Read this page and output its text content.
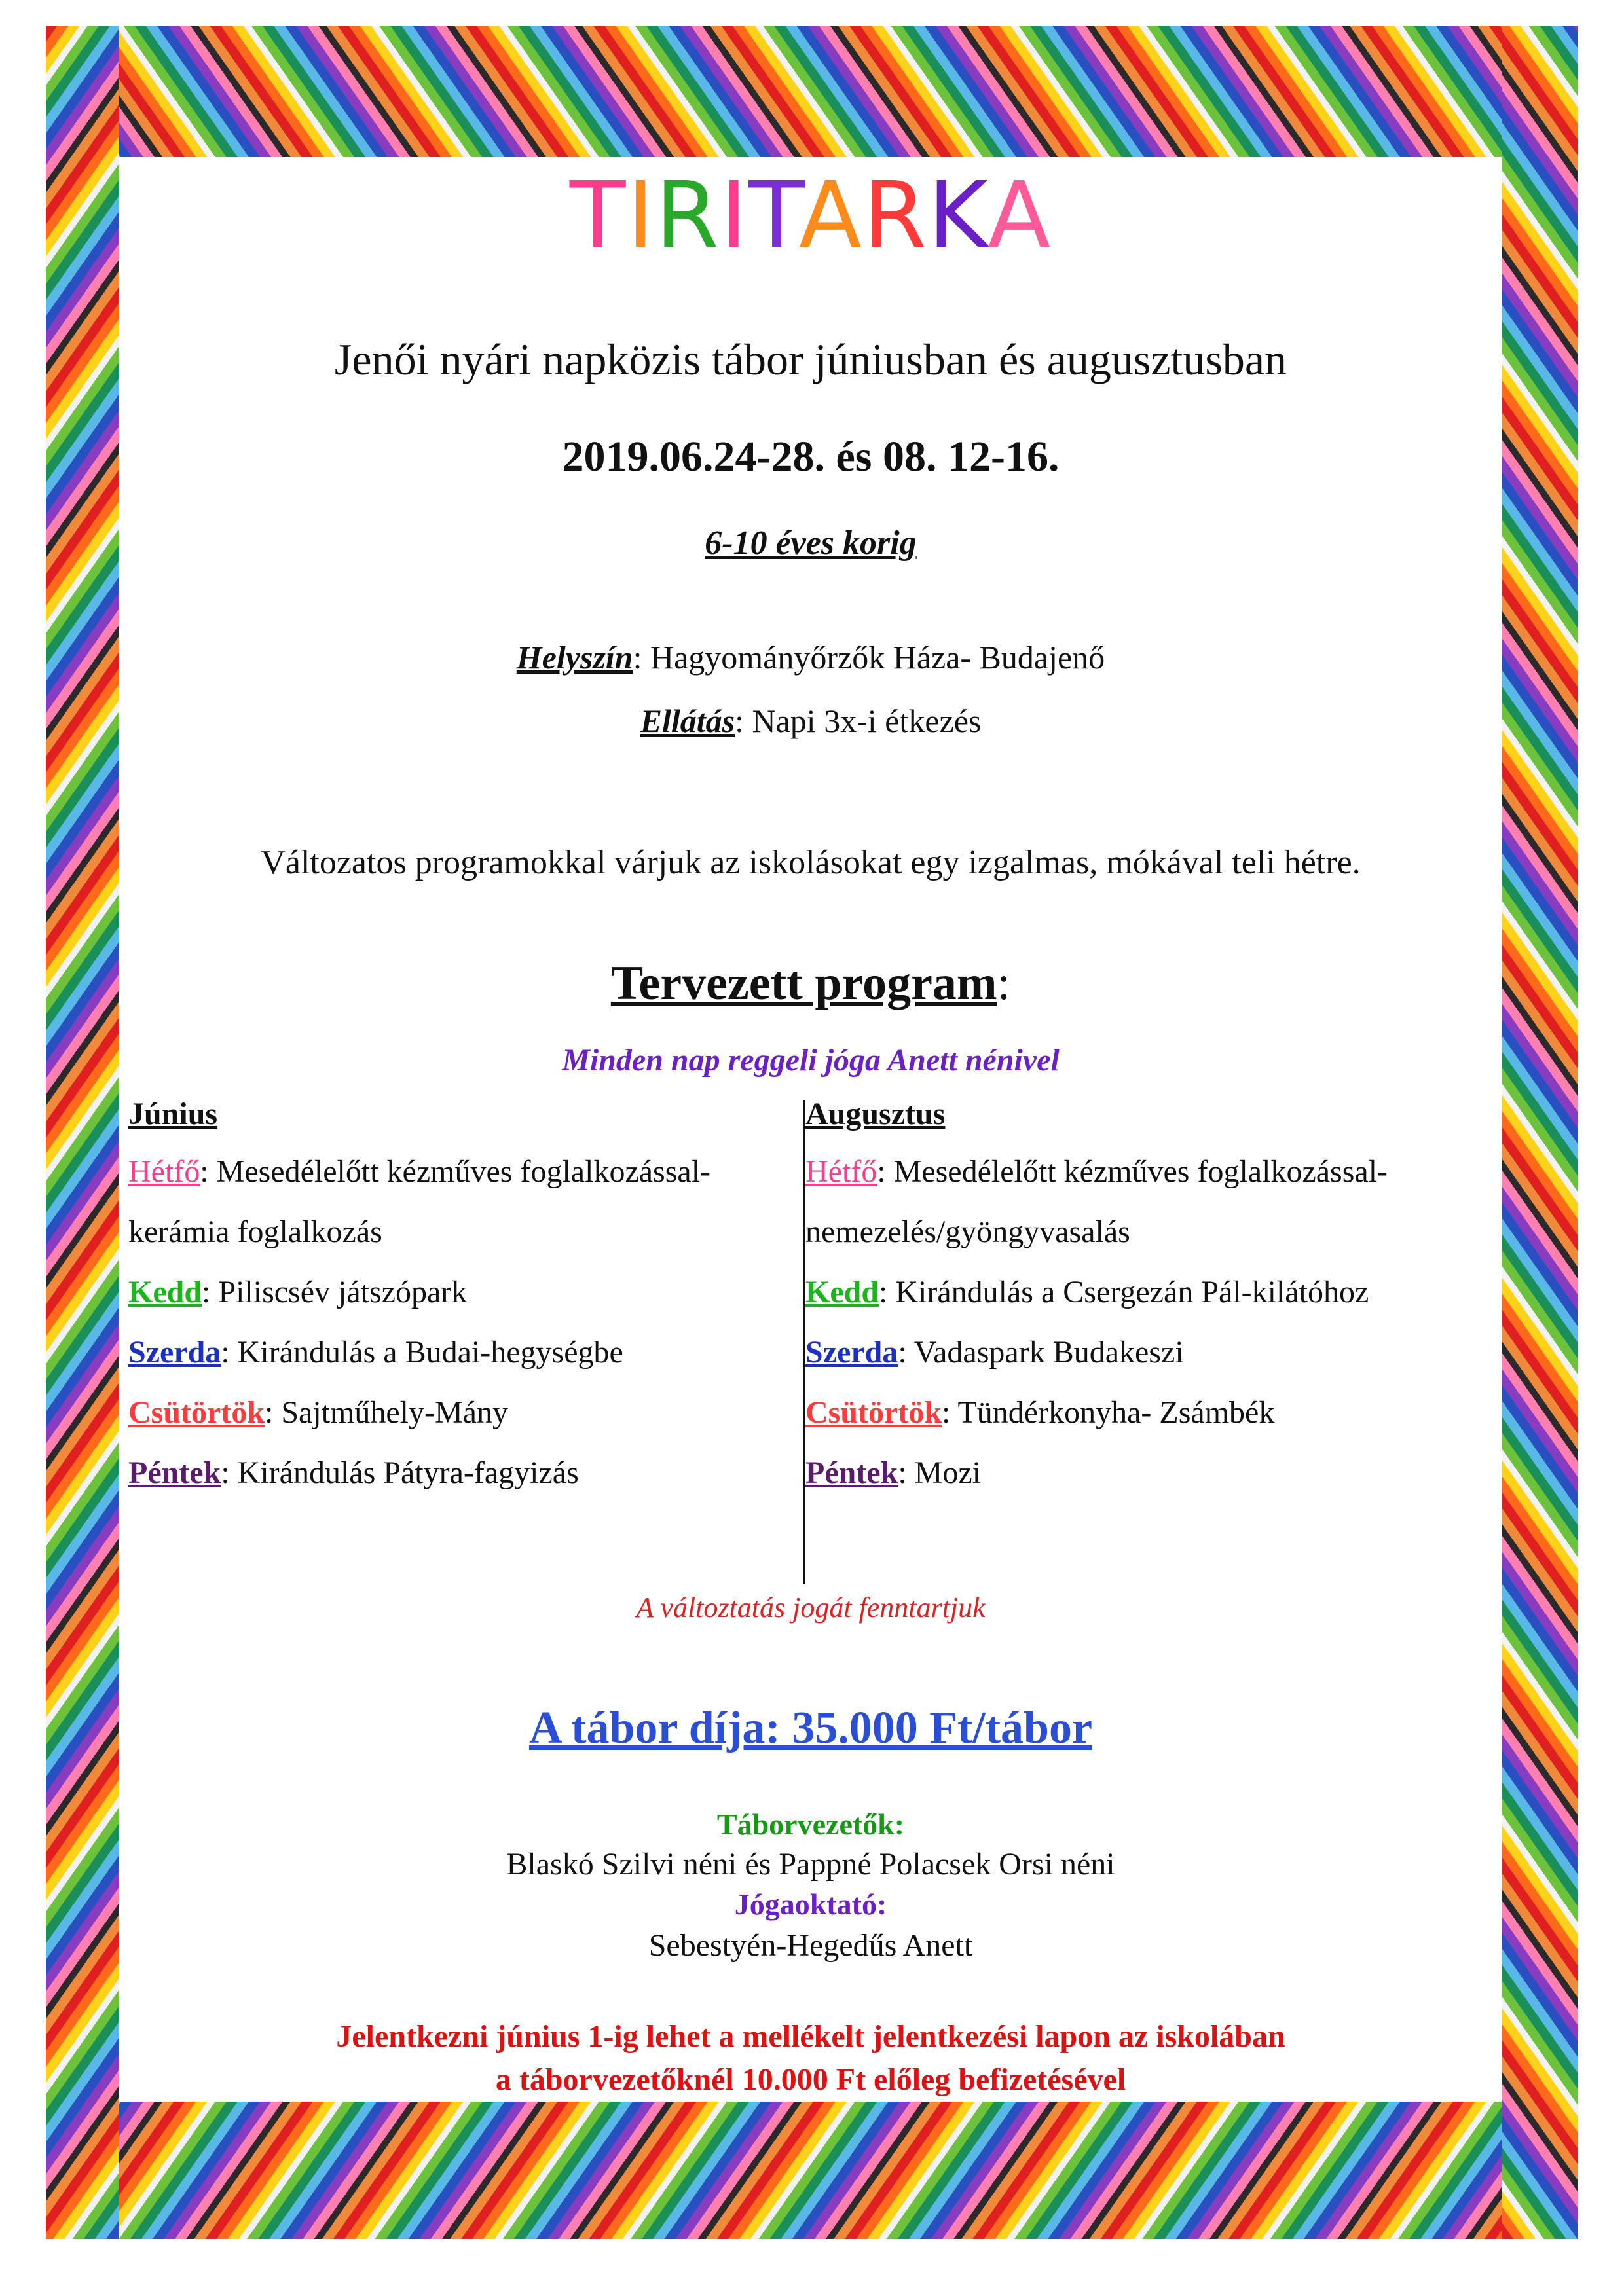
TIRITARKA
Jenői nyári napközis tábor júniusban és augusztusban
2019.06.24-28. és 08. 12-16.
6-10 éves korig
Helyszín: Hagyományőrzők Háza- Budajenő
Ellátás: Napi 3x-i étkezés
Változatos programokkal várjuk az iskolásokat egy izgalmas, mókával teli hétre.
Tervezett program:
Minden nap reggeli jóga Anett nénivel
Június
Hétfő: Mesedélelőtt kézműves foglalkozással-
kerámia foglalkozás
Kedd: Piliscsév játszópark
Szerda: Kirándulás a Budai-hegységbe
Csütörtök: Sajtműhely-Mány
Péntek: Kirándulás Pátyra-fagyizás
Augusztus
Hétfő: Mesedélelőtt kézműves foglalkozással-
nemezelés/gyöngyvasalás
Kedd: Kirándulás a Csergezán Pál-kilátóhoz
Szerda: Vadaspark Budakeszi
Csütörtök: Tündérkonyha- Zsámbék
Péntek: Mozi
A változtatás jogát fenntartjuk
A tábor díja: 35.000 Ft/tábor
Táborvezetők:
Blaskó Szilvi néni és Pappné Polacsek Orsi néni
Jógaoktató:
Sebestyén-Hegedűs Anett
Jelentkezni június 1-ig lehet a mellékelt jelentkezési lapon az iskolában
a táborvezetőknél 10.000 Ft előleg befizetésével
